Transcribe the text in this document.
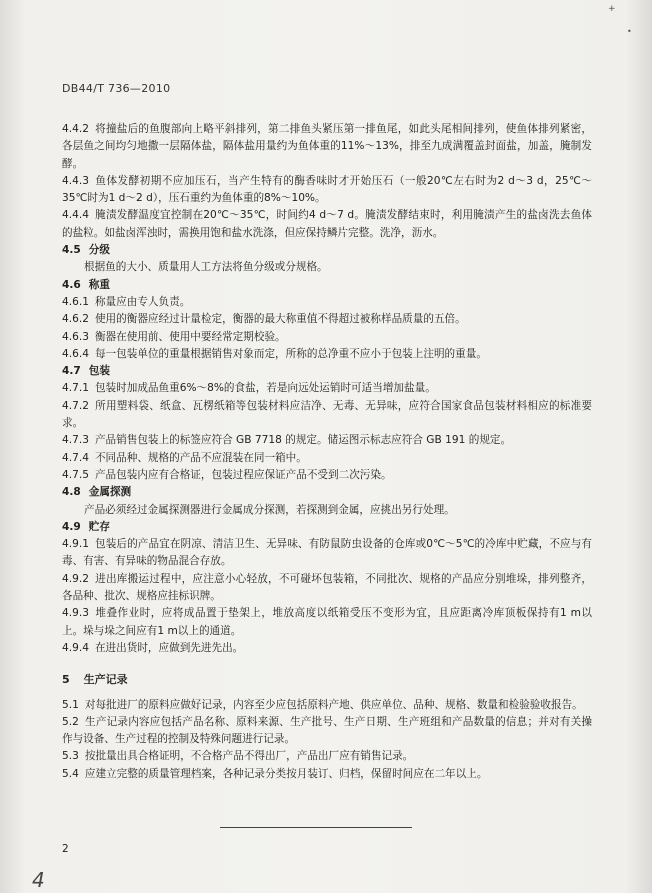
+
•
DB44/T 736—2010
4.4.2 将撞盐后的鱼腹部向上略平斜排列，第二排鱼头紧压第一排鱼尾，如此头尾相间排列，使鱼体排列紧密，各层鱼之间均匀地撒一层隔体盐，隔体盐用量约为鱼体重的11%～13%，排至九成满覆盖封面盐，加盖，腌制发酵。
4.4.3 鱼体发酵初期不应加压石，当产生特有的酶香味时才开始压石（一般20℃左右时为2 d～3 d，25℃～35℃时为1 d～2 d），压石重约为鱼体重的8%～10%。
4.4.4 腌渍发酵温度宜控制在20℃～35℃，时间约4 d～7 d。腌渍发酵结束时，利用腌渍产生的盐卤洗去鱼体的盐粒。如盐卤浑浊时，需换用饱和盐水洗涤，但应保持鳞片完整。洗净，沥水。
4.5 分级
根据鱼的大小、质量用人工方法将鱼分级或分规格。
4.6 称重
4.6.1 称量应由专人负责。
4.6.2 使用的衡器应经过计量检定，衡器的最大称重值不得超过被称样品质量的五倍。
4.6.3 衡器在使用前、使用中要经常定期校验。
4.6.4 每一包装单位的重量根据销售对象而定，所称的总净重不应小于包装上注明的重量。
4.7 包装
4.7.1 包装时加成品鱼重6%～8%的食盐，若是向远处运销时可适当增加盐量。
4.7.2 所用塑料袋、纸盒、瓦楞纸箱等包装材料应洁净、无毒、无异味，应符合国家食品包装材料相应的标准要求。
4.7.3 产品销售包装上的标签应符合 GB 7718 的规定。储运图示标志应符合 GB 191 的规定。
4.7.4 不同品种、规格的产品不应混装在同一箱中。
4.7.5 产品包装内应有合格证，包装过程应保证产品不受到二次污染。
4.8 金属探测
产品必须经过金属探测器进行金属成分探测，若探测到金属，应挑出另行处理。
4.9 贮存
4.9.1 包装后的产品宜在阴凉、清洁卫生、无异味、有防鼠防虫设备的仓库或0℃～5℃的冷库中贮藏，不应与有毒、有害、有异味的物品混合存放。
4.9.2 进出库搬运过程中，应注意小心轻放，不可碰坏包装箱，不同批次、规格的产品应分别堆垛，排列整齐，各品种、批次、规格应挂标识牌。
4.9.3 堆叠作业时，应将成品置于垫架上，堆放高度以纸箱受压不变形为宜，且应距离冷库顶板保持有1 m以上。垛与垛之间应有1 m以上的通道。
4.9.4 在进出货时，应做到先进先出。
5 生产记录
5.1 对每批进厂的原料应做好记录，内容至少应包括原料产地、供应单位、品种、规格、数量和检验验收报告。
5.2 生产记录内容应包括产品名称、原料来源、生产批号、生产日期、生产班组和产品数量的信息；并对有关操作与设备、生产过程的控制及特殊问题进行记录。
5.3 按批量出具合格证明，不合格产品不得出厂，产品出厂应有销售记录。
5.4 应建立完整的质量管理档案，各种记录分类按月装订、归档，保留时间应在二年以上。
2
4
